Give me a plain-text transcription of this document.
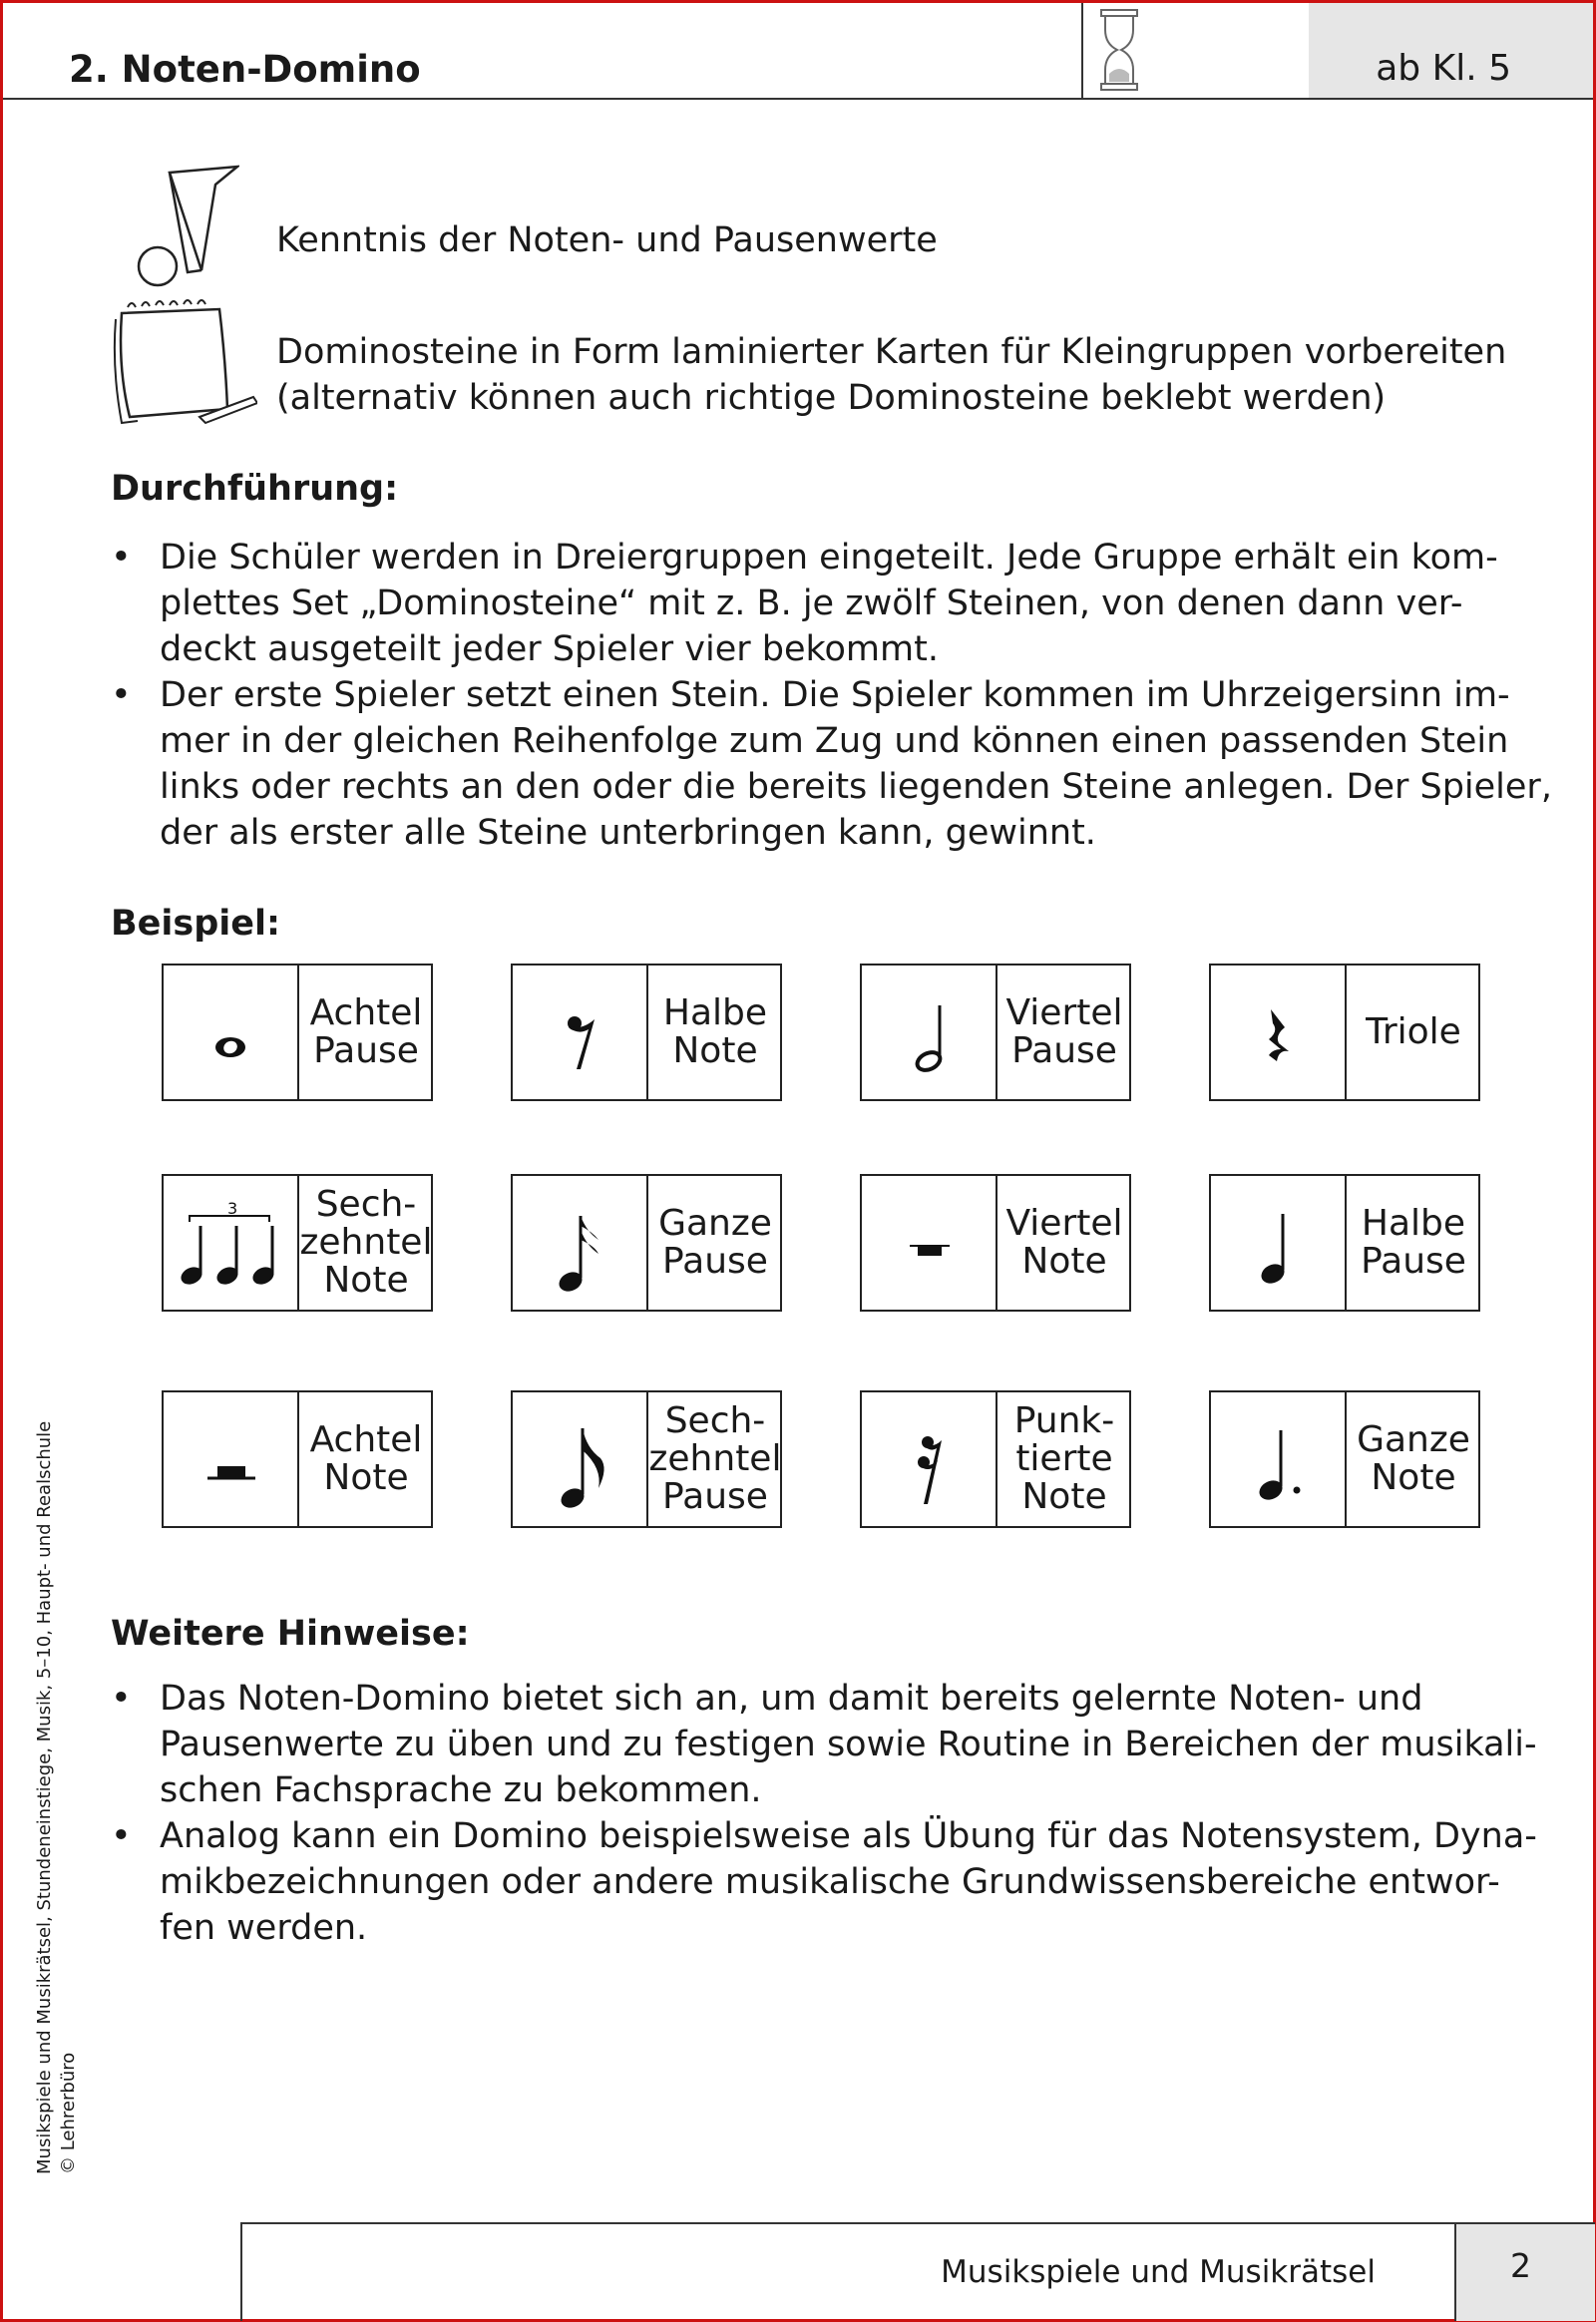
2. Noten-Domino	ab Kl. 5
Kenntnis der Noten- und Pausenwerte
Dominosteine in Form laminierter Karten für Kleingruppen vorbereiten
(alternativ können auch richtige Dominosteine beklebt werden)
Durchführung:
• Die Schüler werden in Dreiergruppen eingeteilt. Jede Gruppe erhält ein kom-
plettes Set „Dominosteine“ mit z. B. je zwölf Steinen, von denen dann ver-
deckt ausgeteilt jeder Spieler vier bekommt.
• Der erste Spieler setzt einen Stein. Die Spieler kommen im Uhrzeigersinn im-
mer in der gleichen Reihenfolge zum Zug und können einen passenden Stein
links oder rechts an den oder die bereits liegenden Steine anlegen. Der Spieler,
der als erster alle Steine unterbringen kann, gewinnt.
Beispiel:
Achtel
Pause
Halbe
Note
Viertel
Pause	Triole
3	Sech-
zehntel
Note
Ganze
Pause
Viertel
Note
Halbe
Pause
Achtel
Note
Sech-
zehntel
Pause
Punk-
tierte
Note
Ganze
Note
Weitere Hinweise:
• Das Noten-Domino bietet sich an, um damit bereits gelernte Noten- und
Pausenwerte zu üben und zu festigen sowie Routine in Bereichen der musikali-
schen Fachsprache zu bekommen.
• Analog kann ein Domino beispielsweise als Übung für das Notensystem, Dyna-
mikbezeichnungen oder andere musikalische Grundwissensbereiche entwor-
fen werden.
Musikspiele und Musikrätsel, Stundeneinstiege, Musik, 5–10, Haupt- und Realschule © Lehrerbüro
Musikspiele und Musikrätsel	2
